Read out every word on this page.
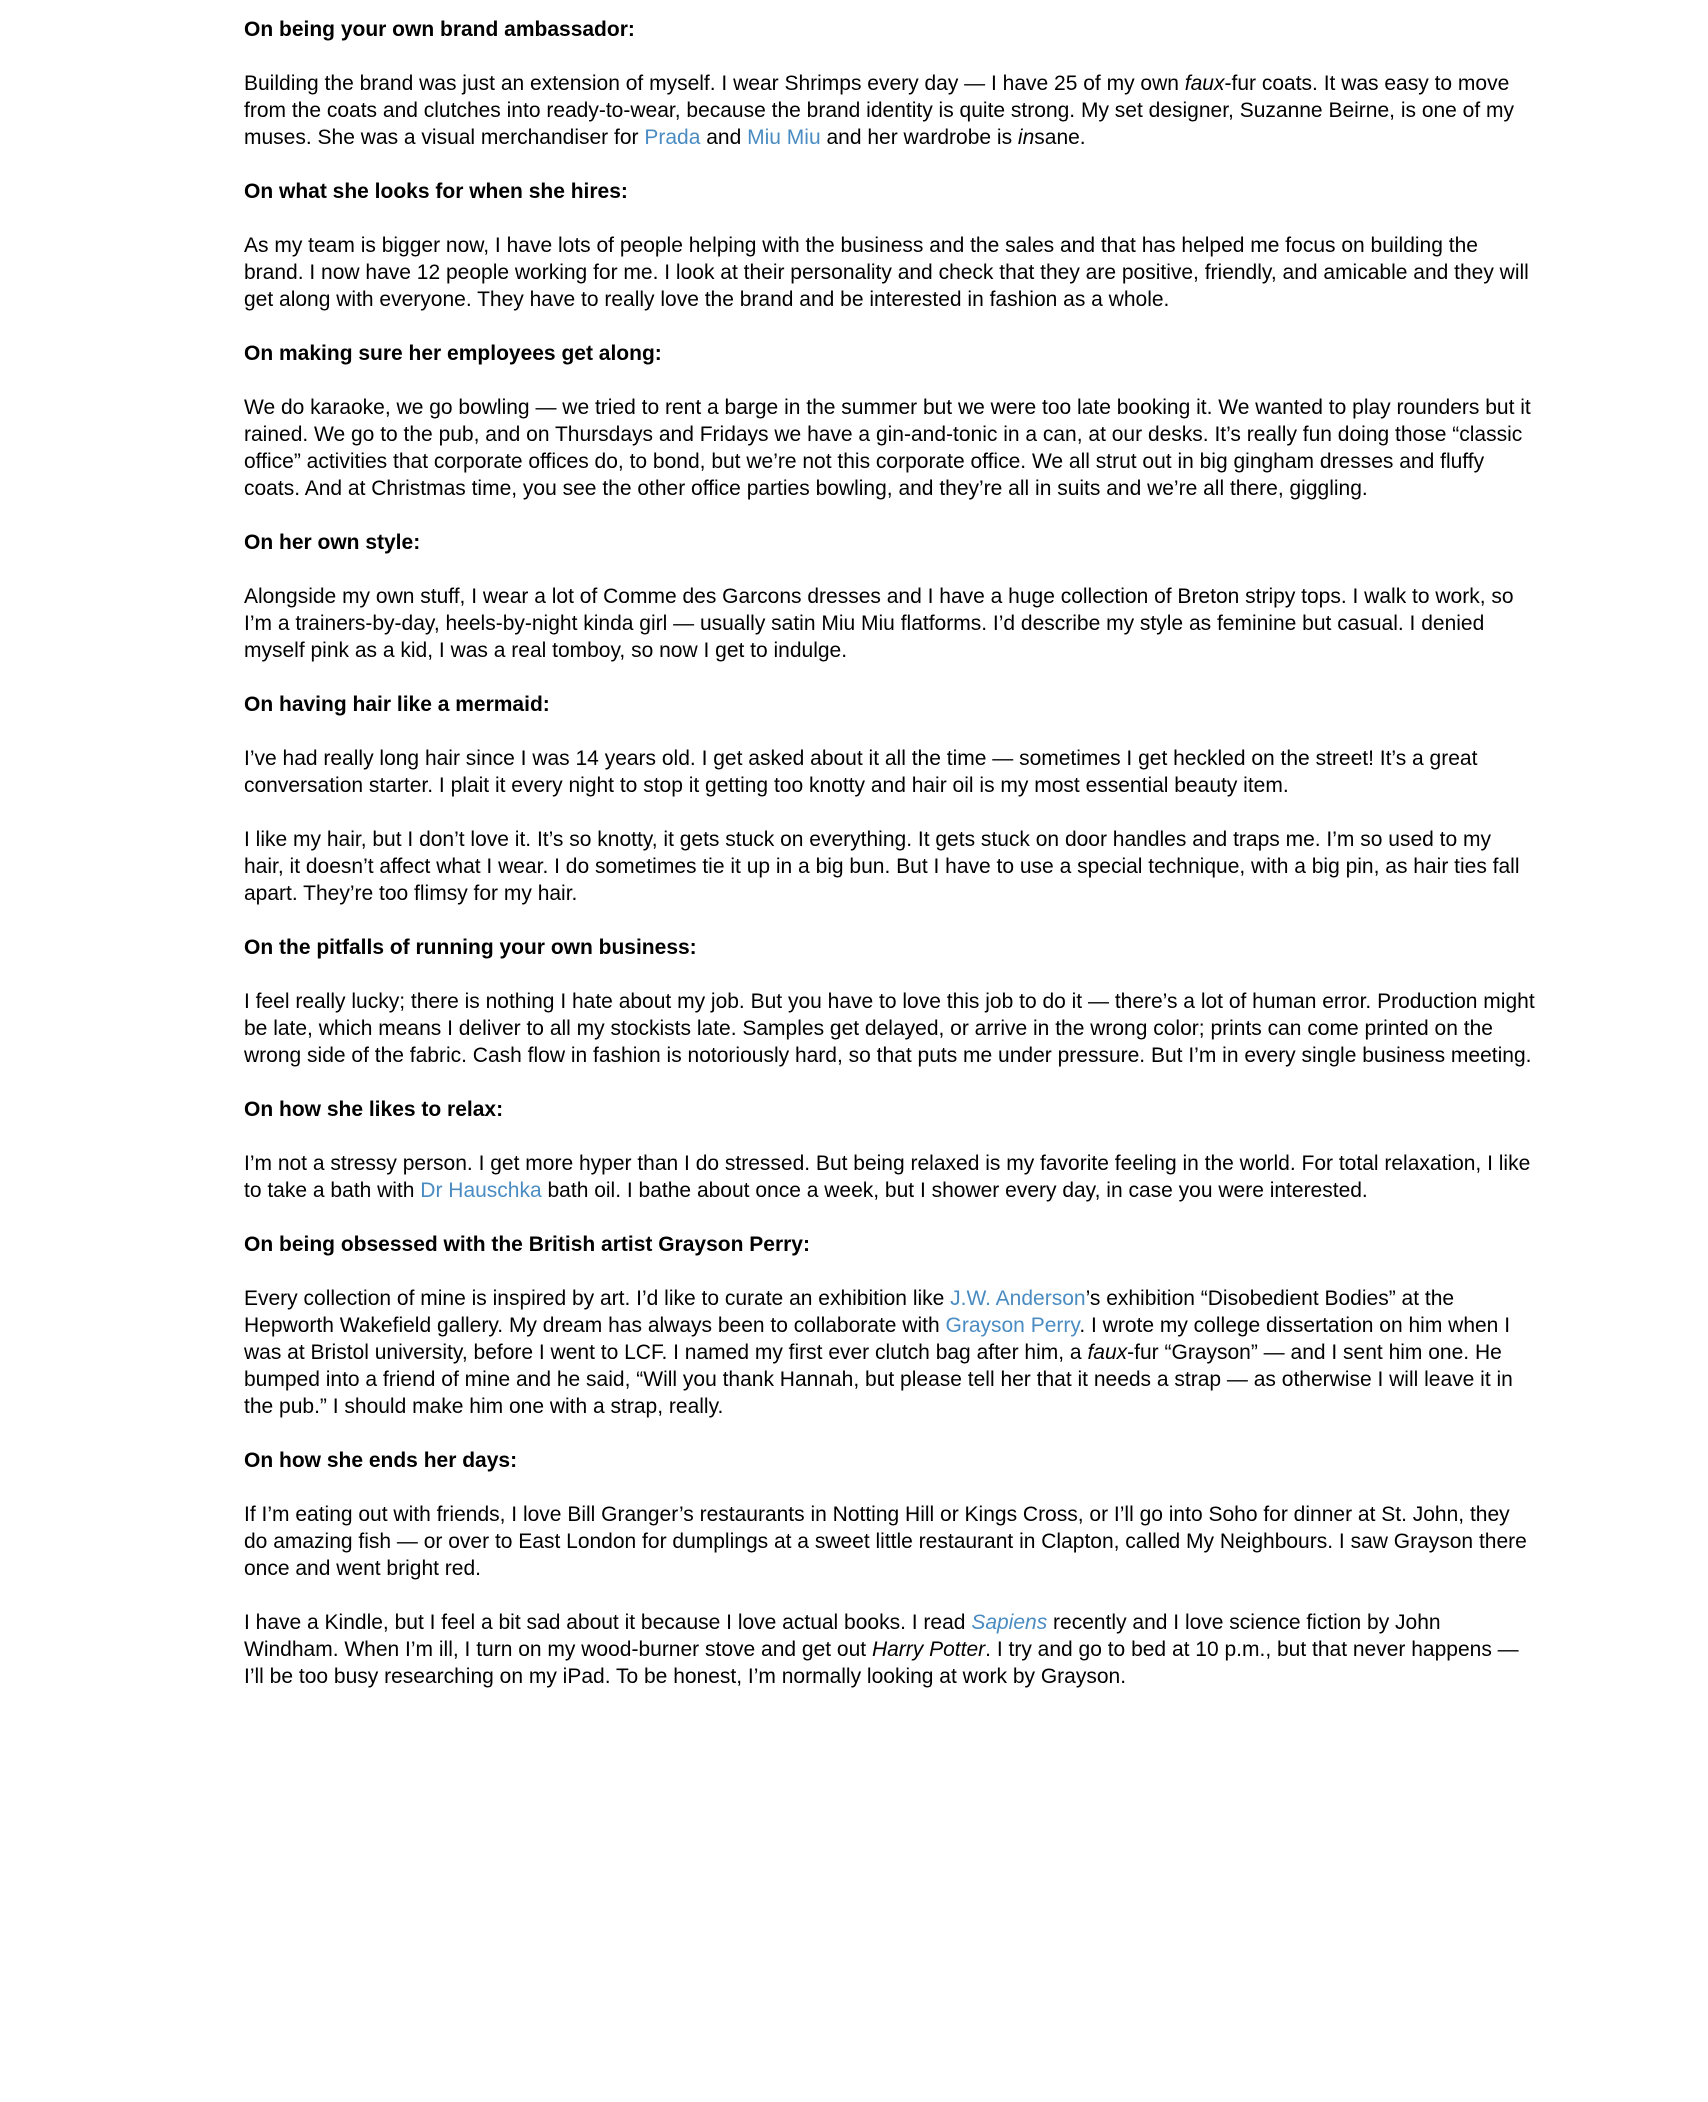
On being your own brand ambassador:

Building the brand was just an extension of myself. I wear Shrimps every day — I have 25 of my own faux-fur coats. It was easy to move from the coats and clutches into ready-to-wear, because the brand identity is quite strong. My set designer, Suzanne Beirne, is one of my muses. She was a visual merchandiser for Prada and Miu Miu and her wardrobe is insane.

On what she looks for when she hires:

As my team is bigger now, I have lots of people helping with the business and the sales and that has helped me focus on building the brand. I now have 12 people working for me. I look at their personality and check that they are positive, friendly, and amicable and they will get along with everyone. They have to really love the brand and be interested in fashion as a whole.

On making sure her employees get along:

We do karaoke, we go bowling — we tried to rent a barge in the summer but we were too late booking it. We wanted to play rounders but it rained. We go to the pub, and on Thursdays and Fridays we have a gin-and-tonic in a can, at our desks. It’s really fun doing those “classic office” activities that corporate offices do, to bond, but we’re not this corporate office. We all strut out in big gingham dresses and fluffy coats. And at Christmas time, you see the other office parties bowling, and they’re all in suits and we’re all there, giggling.

On her own style:

Alongside my own stuff, I wear a lot of Comme des Garcons dresses and I have a huge collection of Breton stripy tops. I walk to work, so I’m a trainers-by-day, heels-by-night kinda girl — usually satin Miu Miu flatforms. I’d describe my style as feminine but casual. I denied myself pink as a kid, I was a real tomboy, so now I get to indulge.

On having hair like a mermaid:

I’ve had really long hair since I was 14 years old. I get asked about it all the time — sometimes I get heckled on the street! It’s a great conversation starter. I plait it every night to stop it getting too knotty and hair oil is my most essential beauty item.

I like my hair, but I don’t love it. It’s so knotty, it gets stuck on everything. It gets stuck on door handles and traps me. I’m so used to my hair, it doesn’t affect what I wear. I do sometimes tie it up in a big bun. But I have to use a special technique, with a big pin, as hair ties fall apart. They’re too flimsy for my hair.

On the pitfalls of running your own business:

I feel really lucky; there is nothing I hate about my job. But you have to love this job to do it — there’s a lot of human error. Production might be late, which means I deliver to all my stockists late. Samples get delayed, or arrive in the wrong color; prints can come printed on the wrong side of the fabric. Cash flow in fashion is notoriously hard, so that puts me under pressure. But I’m in every single business meeting.

On how she likes to relax:

I’m not a stressy person. I get more hyper than I do stressed. But being relaxed is my favorite feeling in the world. For total relaxation, I like to take a bath with Dr Hauschka bath oil. I bathe about once a week, but I shower every day, in case you were interested.

On being obsessed with the British artist Grayson Perry:

Every collection of mine is inspired by art. I’d like to curate an exhibition like J.W. Anderson’s exhibition “Disobedient Bodies” at the Hepworth Wakefield gallery. My dream has always been to collaborate with Grayson Perry. I wrote my college dissertation on him when I was at Bristol university, before I went to LCF. I named my first ever clutch bag after him, a faux-fur “Grayson” — and I sent him one. He bumped into a friend of mine and he said, “Will you thank Hannah, but please tell her that it needs a strap — as otherwise I will leave it in the pub.” I should make him one with a strap, really.

On how she ends her days:

If I’m eating out with friends, I love Bill Granger’s restaurants in Notting Hill or Kings Cross, or I’ll go into Soho for dinner at St. John, they do amazing fish — or over to East London for dumplings at a sweet little restaurant in Clapton, called My Neighbours. I saw Grayson there once and went bright red.

I have a Kindle, but I feel a bit sad about it because I love actual books. I read Sapiens recently and I love science fiction by John Windham. When I’m ill, I turn on my wood-burner stove and get out Harry Potter. I try and go to bed at 10 p.m., but that never happens — I’ll be too busy researching on my iPad. To be honest, I’m normally looking at work by Grayson.
